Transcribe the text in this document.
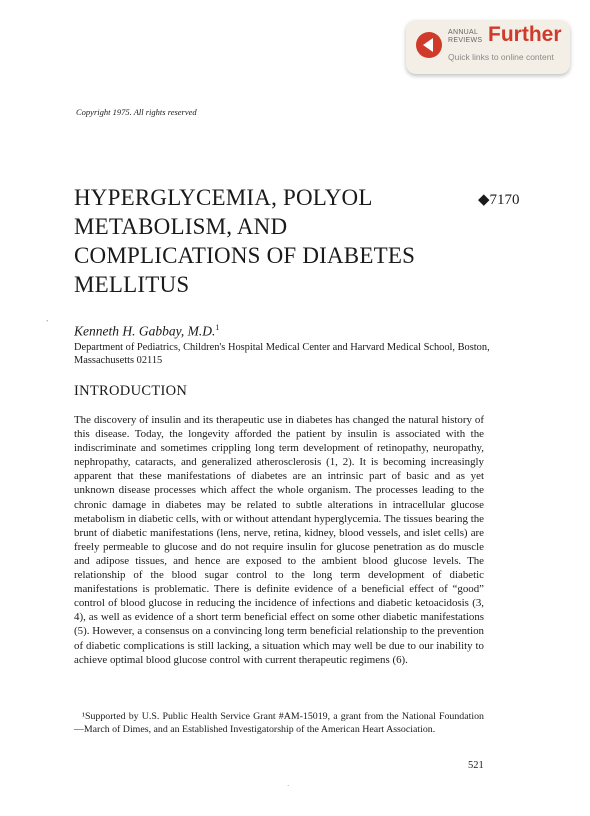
ANNUAL
REVIEWS Further
Quick links to online content
Copyright 1975. All rights reserved
HYPERGLYCEMIA, POLYOL METABOLISM, AND COMPLICATIONS OF DIABETES MELLITUS
◆7170
` Kenneth H. Gabbay, M.D.$^1$
Department of Pediatrics, Children's Hospital Medical Center and Harvard Medical School, Boston, Massachusetts 02115
INTRODUCTION
The discovery of insulin and its therapeutic use in diabetes has changed the natural history of this disease. Today, the longevity afforded the patient by insulin is associated with the indiscriminate and sometimes crippling long term development of retinopathy, neuropathy, nephropathy, cataracts, and generalized atherosclerosis (1, 2). It is becoming increasingly apparent that these manifestations of diabetes are an intrinsic part of basic and as yet unknown disease processes which affect the whole organism. The processes leading to the chronic damage in diabetes may be related to subtle alterations in intracellular glucose metabolism in diabetic cells, with or without attendant hyperglycemia. The tissues bearing the brunt of diabetic manifestations (lens, nerve, retina, kidney, blood vessels, and islet cells) are freely permeable to glucose and do not require insulin for glucose penetration as do muscle and adipose tissues, and hence are exposed to the ambient blood glucose levels. The relationship of the blood sugar control to the long term development of diabetic manifestations is problematic. There is definite evidence of a beneficial effect of “good” control of blood glucose in reducing the incidence of infections and diabetic ketoacidosis (3, 4), as well as evidence of a short term beneficial effect on some other diabetic manifestations (5). However, a consensus on a convincing long term beneficial relationship to the prevention of diabetic complications is still lacking, a situation which may well be due to our inability to achieve optimal blood glucose control with current therapeutic regimens (6).
¹Supported by U.S. Public Health Service Grant #AM-15019, a grant from the National Foundation—March of Dimes, and an Established Investigatorship of the American Heart Association.
521
´
